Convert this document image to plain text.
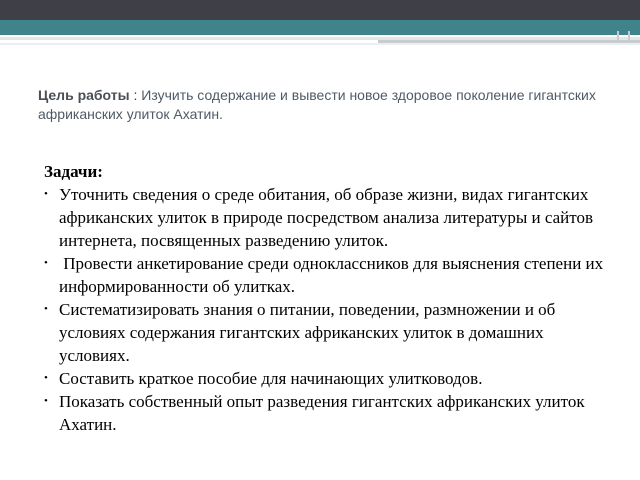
Цель работы : Изучить содержание и вывести новое здоровое поколение гигантских африканских улиток Ахатин.
Задачи:
• Уточнить сведения о среде обитания, об образе жизни, видах гигантских африканских улиток в природе посредством анализа литературы и сайтов интернета, посвященных разведению улиток.
• Провести анкетирование среди одноклассников для выяснения степени их информированности об улитках.
• Систематизировать знания о питании, поведении, размножении и об условиях содержания гигантских африканских улиток в домашних условиях.
• Составить краткое пособие для начинающих улитководов.
• Показать собственный опыт разведения гигантских африканских улиток Ахатин.
